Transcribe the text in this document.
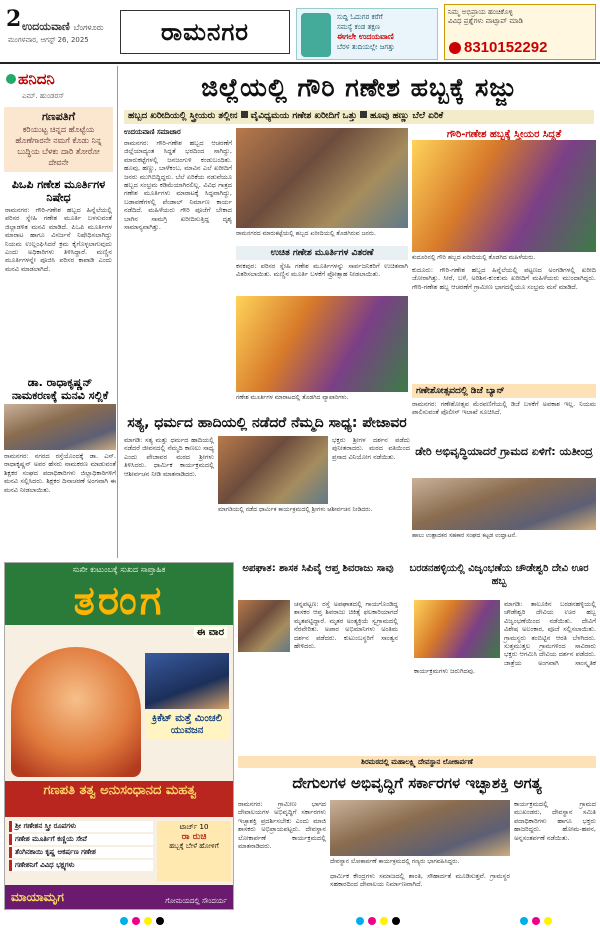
2 ಉದಯವಾಣಿ ಬೆಂಗಳೂರು
ಮಂಗಳವಾರ, ಆಗಸ್ಟ್ 26, 2025	ರಾಮನಗರ
ಸುದ್ದಿ ಓದುಗರ ಕರೆಗೆ
ಸಮಸ್ಯೆ ಕಂಡ ತಕ್ಷಣ
ಈಗಲೇ ಉದಯವಾಣಿ
ಬೆರಳ ತುದಿಯಲ್ಲೇ ಜಗತ್ತು
ನಿಮ್ಮ ಅಭಿಪ್ರಾಯ ಹಂಚಿಕೊಳ್ಳಿ
ವಿವಿಧ ಪ್ರಶ್ನೆಗಳು ವಾಟ್ಸಾಪ್ ಮಾಡಿ
8310152292
ಹನಿದನಿ
ಎಮ್. ಹುಂಡರಸ್
ಗಣಪತಿಗೆ
ಕರಿಯುಟ್ಟ ಚಿನ್ನದ ಹೊಟ್ಟೆಯ ಹೊಣೆಗಾರನೇ ನಮಗೆ ಕೊಡು ನಿನ್ನ ಬುದ್ಧಿಯ ಬೆಳಕು ದಾರಿ ತೋರೋ ದೇವನೇ
ಪಿಒಪಿ ಗಣೇಶ ಮೂರ್ತಿಗಳ ನಿಷೇಧ
ರಾಮನಗರ: ಗೌರಿ-ಗಣೇಶ ಹಬ್ಬದ ಹಿನ್ನೆಲೆಯಲ್ಲಿ ಪರಿಸರ ಸ್ನೇಹಿ ಗಣೇಶ ಮೂರ್ತಿ ಬಳಸುವಂತೆ ಜಿಲ್ಲಾಡಳಿತ ಮನವಿ ಮಾಡಿದೆ. ಪಿಒಪಿ ಮೂರ್ತಿಗಳ ಮಾರಾಟ ಹಾಗೂ ವಿಸರ್ಜನೆ ನಿಷೇಧಿಸಲಾಗಿದ್ದು ನಿಯಮ ಉಲ್ಲಂಘಿಸಿದರೆ ಕ್ರಮ ಕೈಗೊಳ್ಳಲಾಗುವುದು ಎಂದು ಅಧಿಕಾರಿಗಳು ತಿಳಿಸಿದ್ದಾರೆ. ಮಣ್ಣಿನ ಮೂರ್ತಿಗಳನ್ನೇ ಪೂಜಿಸಿ ಪರಿಸರ ಕಾಪಾಡಿ ಎಂದು ಮನವಿ ಮಾಡಲಾಗಿದೆ.
ಡಾ. ರಾಧಾಕೃಷ್ಣನ್ ನಾಮಕರಣಕ್ಕೆ ಮನವಿ ಸಲ್ಲಿಕೆ
ರಾಮನಗರ: ನಗರದ ರಸ್ತೆಯೊಂದಕ್ಕೆ ಡಾ. ಎಸ್. ರಾಧಾಕೃಷ್ಣನ್ ಅವರ ಹೆಸರು ನಾಮಕರಣ ಮಾಡುವಂತೆ ಶಿಕ್ಷಕರ ಸಂಘದ ಪದಾಧಿಕಾರಿಗಳು ಜಿಲ್ಲಾಧಿಕಾರಿಗಳಿಗೆ ಮನವಿ ಸಲ್ಲಿಸಿದರು. ಶಿಕ್ಷಕರ ದಿನಾಚರಣೆ ಅಂಗವಾಗಿ ಈ ಮನವಿ ನೀಡಲಾಯಿತು.
ಜಿಲ್ಲೆಯಲ್ಲಿ ಗೌರಿ ಗಣೇಶ ಹಬ್ಬಕ್ಕೆ ಸಜ್ಜು
ಹಬ್ಬದ ಖರೀದಿಯಲ್ಲಿ ಸ್ತ್ರೀಯರು ತಲ್ಲೀನ ವೈವಿಧ್ಯಮಯ ಗಣೇಶ ಖರೀದಿಗೆ ಒತ್ತು ಹೂವು ಹಣ್ಣು ಬೆಲೆ ಏರಿಕೆ
ಉದಯವಾಣಿ ಸಮಾಚಾರ
ರಾಮನಗರ: ಗೌರಿ-ಗಣೇಶ ಹಬ್ಬದ ಆಚರಣೆಗೆ ಜಿಲ್ಲೆಯಾದ್ಯಂತ ಸಿದ್ಧತೆ ಭರದಿಂದ ಸಾಗಿದ್ದು, ಮಾರುಕಟ್ಟೆಗಳಲ್ಲಿ ಜನಜಂಗುಳಿ ಕಂಡುಬಂದಿತು. ಹೂವು, ಹಣ್ಣು, ಬಾಳೆಕಂಬ, ಮಾವಿನ ಎಲೆ ಖರೀದಿಗೆ ಜನರು ಮುಗಿಬಿದ್ದಿದ್ದರು. ಬೆಲೆ ಏರಿಕೆಯ ನಡುವೆಯೂ ಹಬ್ಬದ ಸಂಭ್ರಮ ಕಡಿಮೆಯಾಗಿರಲಿಲ್ಲ. ವಿವಿಧ ಗಾತ್ರದ ಗಣೇಶ ಮೂರ್ತಿಗಳು ಮಾರಾಟಕ್ಕೆ ಸಿದ್ಧವಾಗಿದ್ದು, ಬಡಾವಣೆಗಳಲ್ಲಿ ಪೆಂಡಾಲ್ ನಿರ್ಮಾಣ ಕಾರ್ಯ ನಡೆದಿದೆ. ಮಹಿಳೆಯರು ಗೌರಿ ಪೂಜೆಗೆ ಬೇಕಾದ ಬಾಗಿನ ಸಾಮಗ್ರಿ ಖರೀದಿಸುತ್ತಿದ್ದ ದೃಶ್ಯ ಸಾಮಾನ್ಯವಾಗಿತ್ತು.
ರಾಮನಗರದ ಮಾರುಕಟ್ಟೆಯಲ್ಲಿ ಹಬ್ಬದ ಖರೀದಿಯಲ್ಲಿ ತೊಡಗಿರುವ ಜನರು.
ಗೌರಿ-ಗಣೇಶ ಹಬ್ಬಕ್ಕೆ ಸ್ತ್ರೀಯರ ಸಿದ್ಧತೆ
ಕುದೂರಿನಲ್ಲಿ ಗೌರಿ ಹಬ್ಬದ ಖರೀದಿಯಲ್ಲಿ ತೊಡಗಿದ ಮಹಿಳೆಯರು.
ಉಚಿತ ಗಣೇಶ ಮೂರ್ತಿಗಳ ವಿತರಣೆ
ಕನಕಪುರ: ಪರಿಸರ ಸ್ನೇಹಿ ಗಣೇಶ ಮೂರ್ತಿಗಳನ್ನು ಸಾರ್ವಜನಿಕರಿಗೆ ಉಚಿತವಾಗಿ ವಿತರಿಸಲಾಯಿತು. ಮಣ್ಣಿನ ಮೂರ್ತಿ ಬಳಕೆಗೆ ಪ್ರೋತ್ಸಾಹ ನೀಡಲಾಯಿತು.
ಗಣೇಶ ಮೂರ್ತಿಗಳ ಮಾರಾಟದಲ್ಲಿ ತೊಡಗಿದ ವ್ಯಾಪಾರಿಗಳು.
ಕುದೂರು: ಗೌರಿ-ಗಣೇಶ ಹಬ್ಬದ ಹಿನ್ನೆಲೆಯಲ್ಲಿ ಪಟ್ಟಣದ ಅಂಗಡಿಗಳಲ್ಲಿ ಖರೀದಿ ಜೋರಾಗಿತ್ತು. ಸೀರೆ, ಬಳೆ, ಅರಿಶಿನ-ಕುಂಕುಮ ಖರೀದಿಗೆ ಮಹಿಳೆಯರು ಮುಂದಾಗಿದ್ದರು. ಗೌರಿ-ಗಣೇಶ ಹಬ್ಬ ಆಚರಣೆಗೆ ಗ್ರಾಮೀಣ ಭಾಗದಲ್ಲಿಯೂ ಸಂಭ್ರಮ ಮನೆ ಮಾಡಿದೆ.
ಗಣೇಶೋತ್ಸವದಲ್ಲಿ ಡಿಜೆ ಬ್ಯಾನ್
ರಾಮನಗರ: ಗಣೇಶೋತ್ಸವ ಮೆರವಣಿಗೆಯಲ್ಲಿ ಡಿಜೆ ಬಳಕೆಗೆ ಅವಕಾಶ ಇಲ್ಲ. ನಿಯಮ ಪಾಲಿಸುವಂತೆ ಪೊಲೀಸ್ ಇಲಾಖೆ ಸೂಚಿಸಿದೆ.
ಸತ್ಯ, ಧರ್ಮದ ಹಾದಿಯಲ್ಲಿ ನಡೆದರೆ ನೆಮ್ಮದಿ ಸಾಧ್ಯ: ಪೇಜಾವರ
ಮಾಗಡಿ: ಸತ್ಯ ಮತ್ತು ಧರ್ಮದ ಹಾದಿಯಲ್ಲಿ ನಡೆದರೆ ಜೀವನದಲ್ಲಿ ನೆಮ್ಮದಿ ಕಾಣಲು ಸಾಧ್ಯ ಎಂದು ಪೇಜಾವರ ಮಠದ ಶ್ರೀಗಳು ತಿಳಿಸಿದರು. ಧಾರ್ಮಿಕ ಕಾರ್ಯಕ್ರಮದಲ್ಲಿ ಆಶೀರ್ವಚನ ನೀಡಿ ಮಾತನಾಡಿದರು.
ಭಕ್ತರು ಶ್ರೀಗಳ ದರ್ಶನ ಪಡೆದು ಪುನೀತರಾದರು. ಮಠದ ವತಿಯಿಂದ ಪ್ರಸಾದ ವಿನಿಯೋಗ ನಡೆಯಿತು.
ಮಾಗಡಿಯಲ್ಲಿ ನಡೆದ ಧಾರ್ಮಿಕ ಕಾರ್ಯಕ್ರಮದಲ್ಲಿ ಶ್ರೀಗಳು ಆಶೀರ್ವಚನ ನೀಡಿದರು.
ಡೇರಿ ಅಭಿವೃದ್ಧಿಯಾದರೆ ಗ್ರಾಮದ ಏಳಿಗೆ: ಯತೀಂದ್ರ
ಹಾಲು ಉತ್ಪಾದಕರ ಸಹಕಾರ ಸಂಘದ ಕಟ್ಟಡ ಉದ್ಘಾಟನೆ.
ಸುಖೀ ಕುಟುಂಬಕ್ಕೆ ಸುಖದ ಸಾಪ್ತಾಹಿಕ
ತರಂಗ
ಈ ವಾರ
ಕ್ರಿಕೆಟ್ ಮತ್ತೆ ಮಿಂಚಲಿ ಯುವಜನ
ಗಣಪತಿ ತತ್ವ ಅನುಸಂಧಾನದ ಮಹತ್ವ
ಶ್ರೀ ಗಣೇಶನ ಸ್ತ್ರೀ ರೂಪಗಳು
ಗಣೇಶ ಮೂರ್ತಿಗೆ ಕಣ್ಣಿಯ ಸೇವೆ
ತೆಂಗಿನಕಾಯಿ ಕೃಷ್ಣ ಆಕರ್ಷಣ ಗಣೇಶ
ಗಣೇಶನಿಗೆ ವಿವಿಧ ಭಕ್ಷ್ಯಗಳು
ಟಾರ್ಚ್ 10
ರಾ ರುಚಿ
ಹಬ್ಬಕ್ಕೆ ಬೇಳೆ ಹೋಳಿಗೆ
ಮಾಯಾಮೃಗ	ಗೋಮಯದಲ್ಲಿ ಸೌಂದರ್ಯ
ಅಪಘಾತ: ಶಾಸಕ ಸಿಪಿವೈ ಆಪ್ತ ಶಿವರಾಜು ಸಾವು
ಚನ್ನಪಟ್ಟಣ: ರಸ್ತೆ ಅಪಘಾತದಲ್ಲಿ ಗಾಯಗೊಂಡಿದ್ದ ಶಾಸಕರ ಆಪ್ತ ಶಿವರಾಜು ಚಿಕಿತ್ಸೆ ಫಲಕಾರಿಯಾಗದೆ ಮೃತಪಟ್ಟಿದ್ದಾರೆ. ಮೃತರ ಅಂತ್ಯಕ್ರಿಯೆ ಸ್ವಗ್ರಾಮದಲ್ಲಿ ನೆರವೇರಿತು. ಅಪಾರ ಅಭಿಮಾನಿಗಳು ಅಂತಿಮ ದರ್ಶನ ಪಡೆದರು. ಕುಟುಂಬಸ್ಥರಿಗೆ ಸಾಂತ್ವನ ಹೇಳಿದರು.
ಬರಡನಹಳ್ಳಿಯಲ್ಲಿ ವಿಜೃಂಭಣೆಯ ಚೌಡೇಶ್ವರಿ ದೇವಿ ಊರ ಹಬ್ಬ
ಮಾಗಡಿ: ತಾಲೂಕಿನ ಬರಡನಹಳ್ಳಿಯಲ್ಲಿ ಚೌಡೇಶ್ವರಿ ದೇವಿಯ ಊರ ಹಬ್ಬ ವಿಜೃಂಭಣೆಯಿಂದ ನಡೆಯಿತು. ದೇವಿಗೆ ವಿಶೇಷ ಅಲಂಕಾರ, ಪೂಜೆ ಸಲ್ಲಿಸಲಾಯಿತು. ಗ್ರಾಮಸ್ಥರು ತಂಬಿಟ್ಟಿನ ಆರತಿ ಬೆಳಗಿದರು. ಸುತ್ತಮುತ್ತಲ ಗ್ರಾಮಗಳಿಂದ ಸಾವಿರಾರು ಭಕ್ತರು ಆಗಮಿಸಿ ದೇವಿಯ ದರ್ಶನ ಪಡೆದರು. ಜಾತ್ರೆಯ ಅಂಗವಾಗಿ ಸಾಂಸ್ಕೃತಿಕ ಕಾರ್ಯಕ್ರಮಗಳು ಜರುಗಿದವು.
ಶಿರಮಠದಲ್ಲಿ ಮಹಾಲಕ್ಷ್ಮಿ ದೇವಸ್ಥಾನ ಲೋಕಾರ್ಪಣೆ
ದೇಗುಲಗಳ ಅಭಿವೃದ್ಧಿಗೆ ಸರ್ಕಾರಗಳ ಇಚ್ಛಾಶಕ್ತಿ ಅಗತ್ಯ
ರಾಮನಗರ: ಗ್ರಾಮೀಣ ಭಾಗದ ದೇವಾಲಯಗಳ ಅಭಿವೃದ್ಧಿಗೆ ಸರ್ಕಾರಗಳು ಇಚ್ಛಾಶಕ್ತಿ ಪ್ರದರ್ಶಿಸಬೇಕು ಎಂದು ಮಾಜಿ ಶಾಸಕರು ಅಭಿಪ್ರಾಯಪಟ್ಟರು. ದೇವಸ್ಥಾನ ಲೋಕಾರ್ಪಣೆ ಕಾರ್ಯಕ್ರಮದಲ್ಲಿ ಮಾತನಾಡಿದರು.
ದೇವಸ್ಥಾನ ಲೋಕಾರ್ಪಣೆ ಕಾರ್ಯಕ್ರಮದಲ್ಲಿ ಗಣ್ಯರು ಭಾಗವಹಿಸಿದ್ದರು.
ಧಾರ್ಮಿಕ ಕೇಂದ್ರಗಳು ಸಮಾಜದಲ್ಲಿ ಶಾಂತಿ, ಸೌಹಾರ್ದತೆ ಮೂಡಿಸುತ್ತವೆ. ಗ್ರಾಮಸ್ಥರ ಸಹಕಾರದಿಂದ ದೇವಾಲಯ ನಿರ್ಮಾಣವಾಗಿದೆ.
ಕಾರ್ಯಕ್ರಮದಲ್ಲಿ ಗ್ರಾಮದ ಮುಖಂಡರು, ದೇವಸ್ಥಾನ ಸಮಿತಿ ಪದಾಧಿಕಾರಿಗಳು ಹಾಗೂ ಭಕ್ತರು ಹಾಜರಿದ್ದರು. ಹೋಮ-ಹವನ, ಅನ್ನಸಂತರ್ಪಣೆ ನಡೆಯಿತು.
